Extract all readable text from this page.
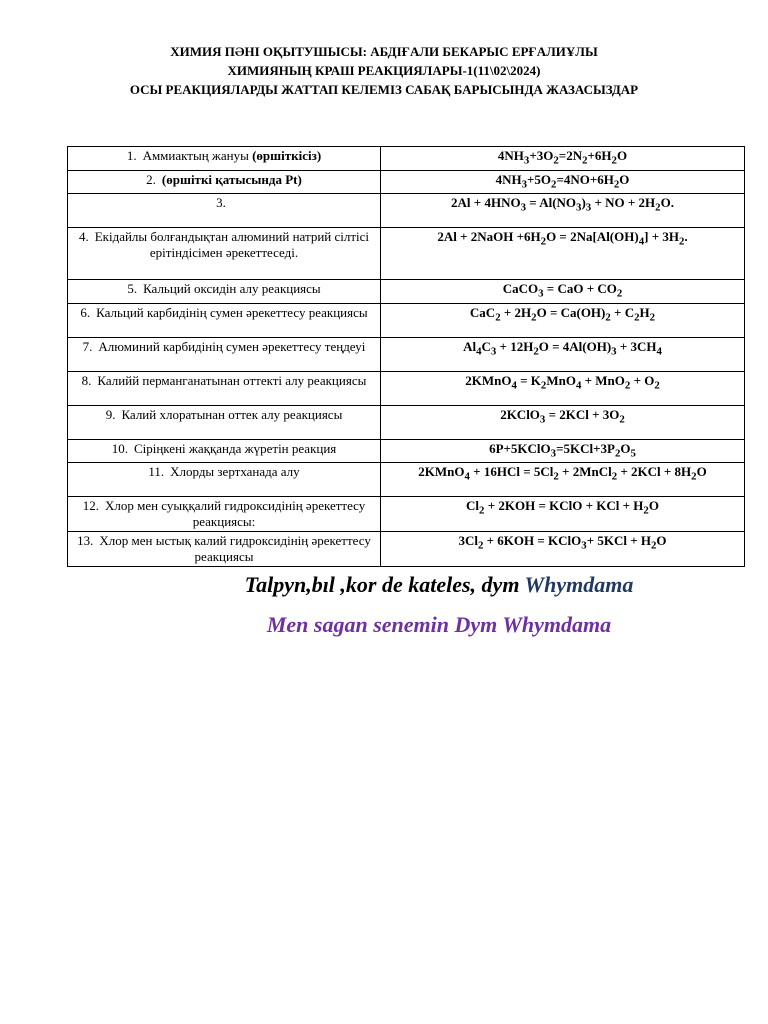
ХИМИЯ ПӘНІ ОҚЫТУШЫСЫ: АБДІҒАЛИ БЕКАРЫС ЕРҒАЛИҰЛЫ
ХИМИЯНЫҢ КРАШ РЕАКЦИЯЛАРЫ-1(11\02\2024)
ОСЫ РЕАКЦИЯЛАРДЫ ЖАТТАП КЕЛЕМІЗ САБАҚ БАРЫСЫНДА ЖАЗАСЫЗДАР
1. Аммиактың жануы (өршіткісіз)	$4NH_3+3O_2=2N_2+6H_2O$
2. (өршіткі қатысында Pt)	$4NH_3+5O_2=4NO+6H_2O$
3.	$2Al + 4HNO_3 = Al(NO_3)_3$ + NO + $2H_2O$.
4. Екідайлы болғандықтан алюминий натрий сілтісі ерітіндісімен әрекеттеседі.	2Al + 2NaOH $+6H_2O = 2Na[Al(OH)_4] + 3H_2$.
5. Кальций оксидін алу реакциясы	CaCO$_3$ = CaO + $CO_2$
6. Кальций карбидінің сумен әрекеттесу реакциясы	$CaC_2 + 2H_2O = Ca(OH)_2 + C_2H_2$
7. Алюминий карбидінің сумен әрекеттесу теңдеуі	$Al_4C_3 + 12H_2O = 4Al(OH)_3 + 3CH_4$
8. Калийй перманганатынан оттекті алу реакциясы	2KMnO$_4$ = $K_2MnO_4 + MnO_2 + O_2$
9. Калий хлоратынан оттек алу реакциясы	2KClO$_3$ = $2KCl + 3O_2$
10. Сіріңкені жаққанда жүретін реакция	$6P+5KClO_3=5KCl+3P_2O_5$
11. Хлорды зертханада алу	2KMnO$_4$ + $16HCl = 5Cl_2$ + 2MnCl$_2$ + $2KCl + 8H_2O$
12. Хлор мен суыққалий гидроксидінің әрекеттесу реакциясы:	$Cl_2 + 2KOH$ = KClO + KCl + $H_2O$
13. Хлор мен ыстық калий гидроксидінің әрекеттесу реакциясы	$3Cl_2 + 6KOH$ = KClO$_3$+ $5KCl + H_2O$
Talpyn,bıl ,kor de kateles, dym Whymdama
Men sagan senemin Dym Whymdama
